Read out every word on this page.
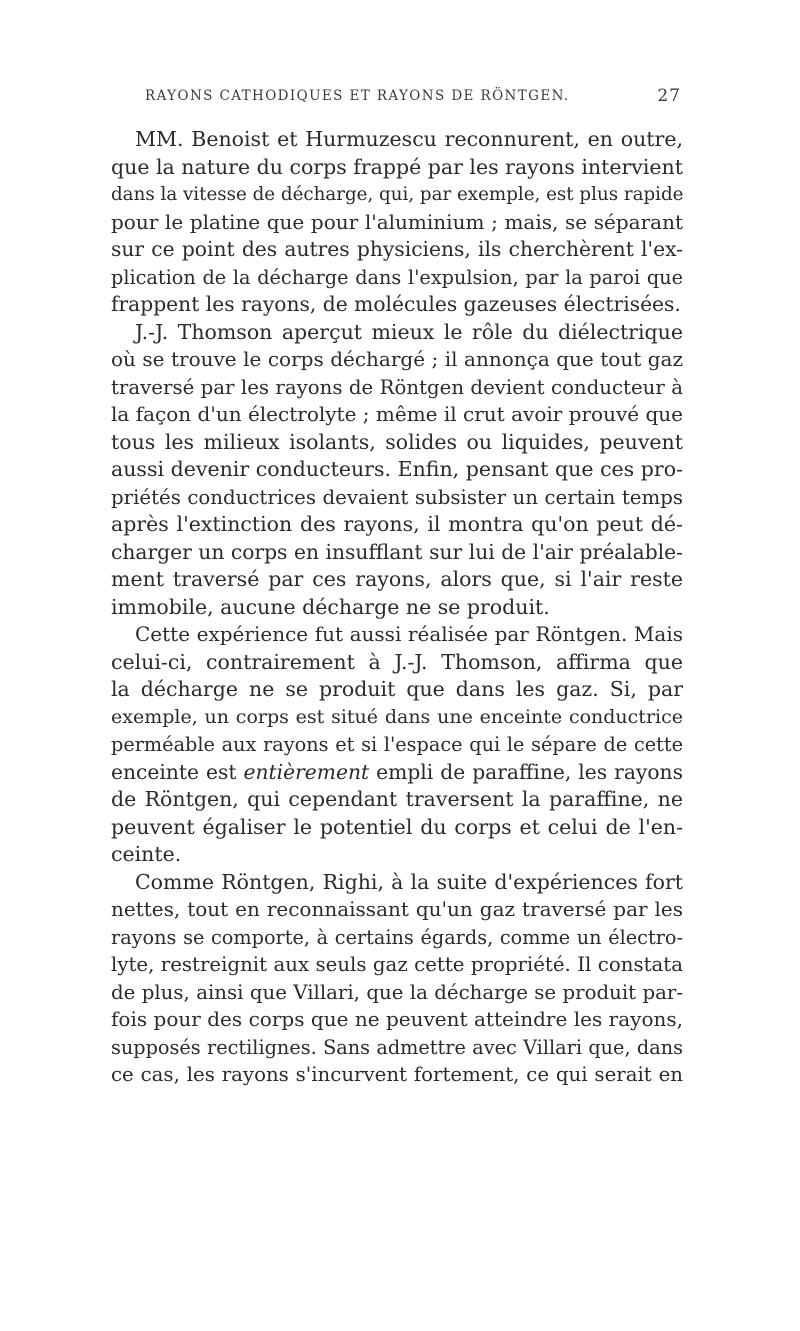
RAYONS CATHODIQUES ET RAYONS DE RÖNTGEN.	27
MM. Benoist et Hurmuzescu reconnurent, en outre,
que la nature du corps frappé par les rayons intervient
dans la vitesse de décharge, qui, par exemple, est plus rapide
pour le platine que pour l'aluminium ; mais, se séparant
sur ce point des autres physiciens, ils cherchèrent l'ex-
plication de la décharge dans l'expulsion, par la paroi que
frappent les rayons, de molécules gazeuses électrisées.
J.-J. Thomson aperçut mieux le rôle du diélectrique
où se trouve le corps déchargé ; il annonça que tout gaz
traversé par les rayons de Röntgen devient conducteur à
la façon d'un électrolyte ; même il crut avoir prouvé que
tous les milieux isolants, solides ou liquides, peuvent
aussi devenir conducteurs. Enfin, pensant que ces pro-
priétés conductrices devaient subsister un certain temps
après l'extinction des rayons, il montra qu'on peut dé-
charger un corps en insufflant sur lui de l'air préalable-
ment traversé par ces rayons, alors que, si l'air reste
immobile, aucune décharge ne se produit.
Cette expérience fut aussi réalisée par Röntgen. Mais
celui-ci, contrairement à J.-J. Thomson, affirma que
la décharge ne se produit que dans les gaz. Si, par
exemple, un corps est situé dans une enceinte conductrice
perméable aux rayons et si l'espace qui le sépare de cette
enceinte est entièrement empli de paraffine, les rayons
de Röntgen, qui cependant traversent la paraffine, ne
peuvent égaliser le potentiel du corps et celui de l'en-
ceinte.
Comme Röntgen, Righi, à la suite d'expériences fort
nettes, tout en reconnaissant qu'un gaz traversé par les
rayons se comporte, à certains égards, comme un électro-
lyte, restreignit aux seuls gaz cette propriété. Il constata
de plus, ainsi que Villari, que la décharge se produit par-
fois pour des corps que ne peuvent atteindre les rayons,
supposés rectilignes. Sans admettre avec Villari que, dans
ce cas, les rayons s'incurvent fortement, ce qui serait en
